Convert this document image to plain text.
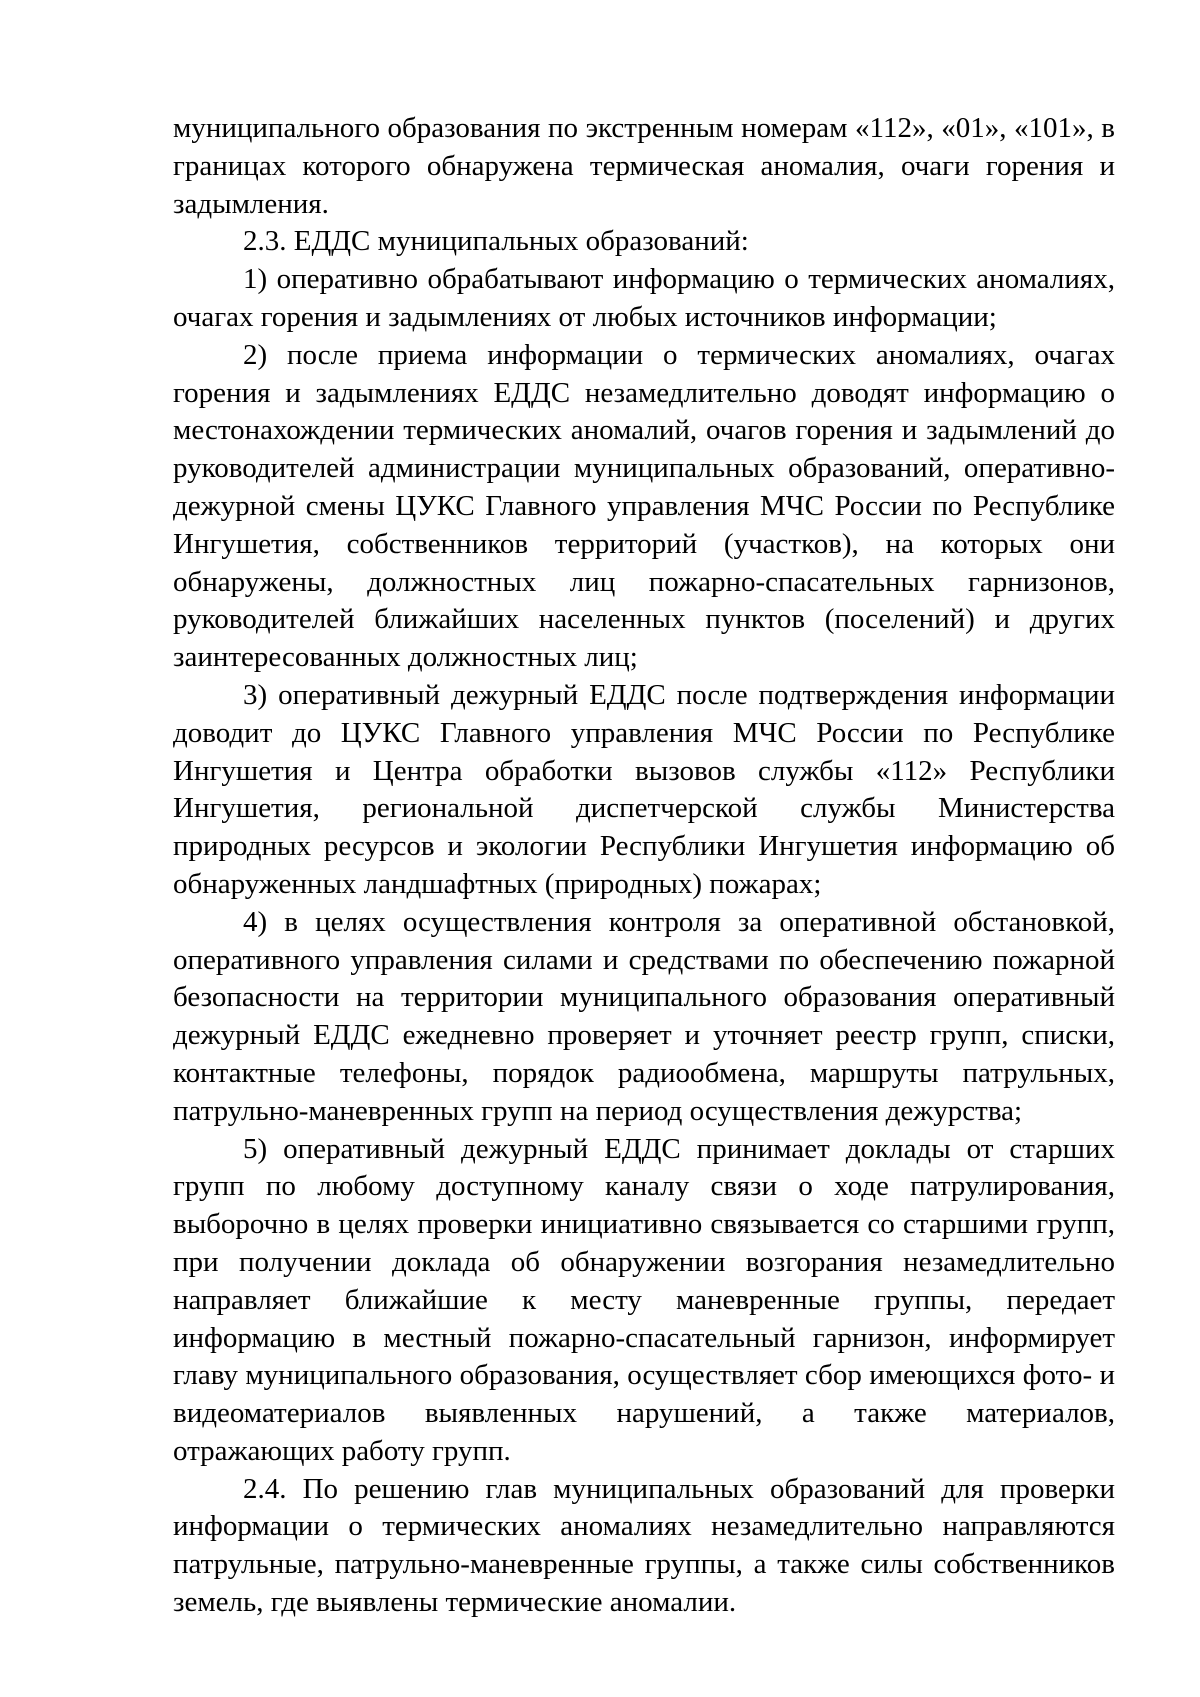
муниципального образования по экстренным номерам «112», «01», «101», в границах которого обнаружена термическая аномалия, очаги горения и задымления.

2.3. ЕДДС муниципальных образований:

1) оперативно обрабатывают информацию о термических аномалиях, очагах горения и задымлениях от любых источников информации;

2) после приема информации о термических аномалиях, очагах горения и задымлениях ЕДДС незамедлительно доводят информацию о местонахождении термических аномалий, очагов горения и задымлений до руководителей администрации муниципальных образований, оперативно-дежурной смены ЦУКС Главного управления МЧС России по Республике Ингушетия, собственников территорий (участков), на которых они обнаружены, должностных лиц пожарно-спасательных гарнизонов, руководителей ближайших населенных пунктов (поселений) и других заинтересованных должностных лиц;

3) оперативный дежурный ЕДДС после подтверждения информации доводит до ЦУКС Главного управления МЧС России по Республике Ингушетия и Центра обработки вызовов службы «112» Республики Ингушетия, региональной диспетчерской службы Министерства природных ресурсов и экологии Республики Ингушетия информацию об обнаруженных ландшафтных (природных) пожарах;

4) в целях осуществления контроля за оперативной обстановкой, оперативного управления силами и средствами по обеспечению пожарной безопасности на территории муниципального образования оперативный дежурный ЕДДС ежедневно проверяет и уточняет реестр групп, списки, контактные телефоны, порядок радиообмена, маршруты патрульных, патрульно-маневренных групп на период осуществления дежурства;

5) оперативный дежурный ЕДДС принимает доклады от старших групп по любому доступному каналу связи о ходе патрулирования, выборочно в целях проверки инициативно связывается со старшими групп, при получении доклада об обнаружении возгорания незамедлительно направляет ближайшие к месту маневренные группы, передает информацию в местный пожарно-спасательный гарнизон, информирует главу муниципального образования, осуществляет сбор имеющихся фото- и видеоматериалов выявленных нарушений, а также материалов, отражающих работу групп.

2.4. По решению глав муниципальных образований для проверки информации о термических аномалиях незамедлительно направляются патрульные, патрульно-маневренные группы, а также силы собственников земель, где выявлены термические аномалии.
